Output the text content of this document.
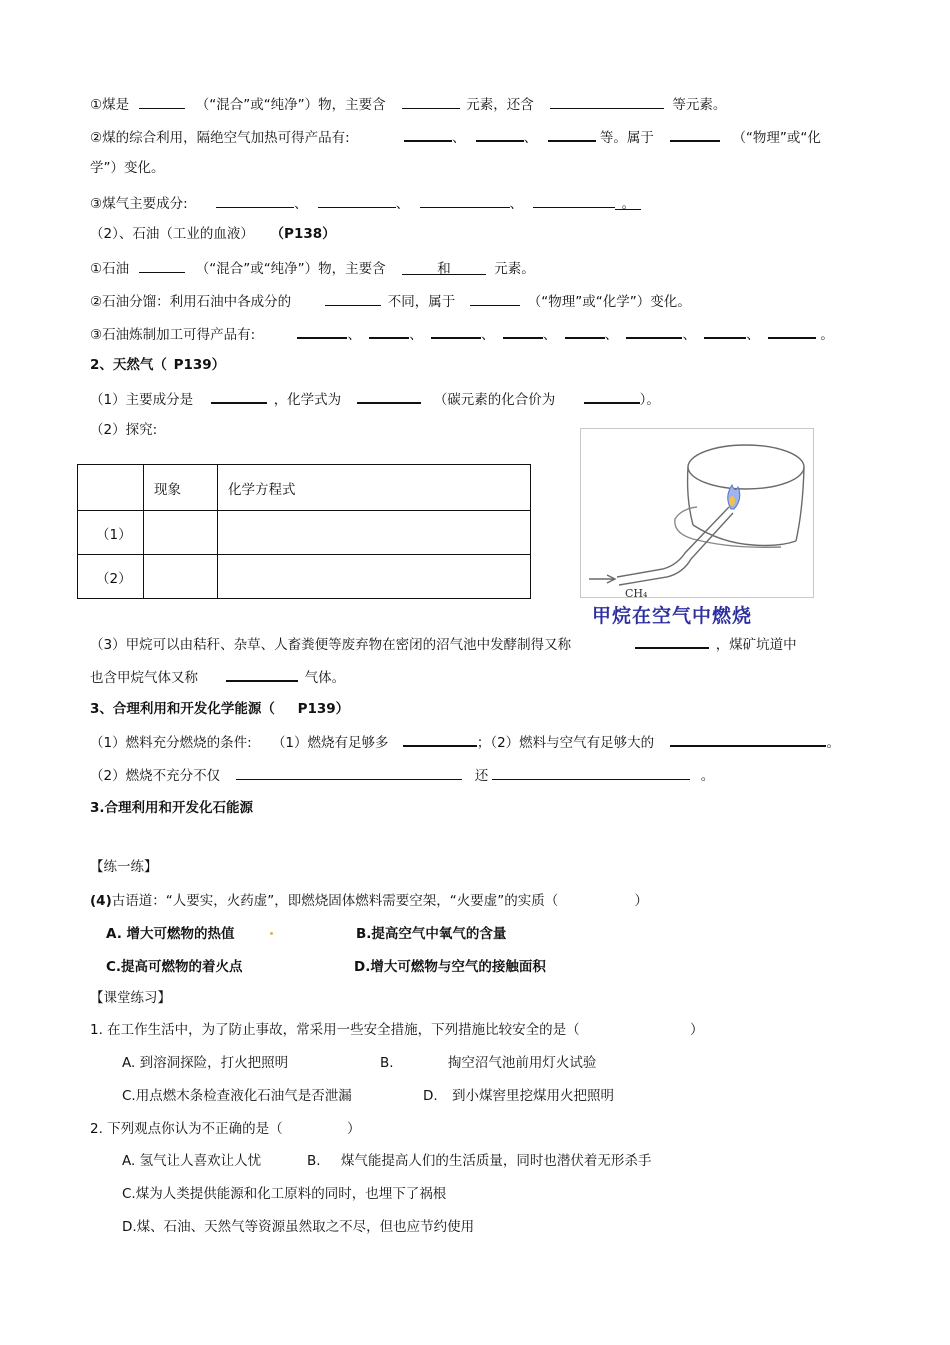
①煤是	（“混合”或“纯净”）物，主要含	元素，还含	等元素。
②煤的综合利用，隔绝空气加热可得产品有:	、	、	等。属于	（“物理”或“化
学”）变化。
③煤气主要成分:	、	、	、	。
（2）、石油（工业的血液） （P138）
①石油	（“混合”或“纯净”）物，主要含	和	元素。
②石油分馏：利用石油中各成分的	不同，属于	（“物理”或“化学”）变化。
③石油炼制加工可得产品有:	、	、	、	、	、	、	、	。
2、天然气（ P139）
（1）主要成分是	，化学式为	（碳元素的化合价为	）。
（2）探究:
	现象	化学方程式
（1）		
（2）		
CH₄
甲烷在空气中燃烧
（3）甲烷可以由秸秆、杂草、人畜粪便等废弃物在密闭的沼气池中发酵制得又称	，煤矿坑道中
也含甲烷气体又称	气体。
3、合理利用和开发化学能源（ P139）
（1）燃料充分燃烧的条件: （1）燃烧有足够多	；（2）燃料与空气有足够大的	。
（2）燃烧不充分不仅	还	。
3.合理利用和开发化石能源
【练一练】
(4)古语道：“人要实，火药虚”，即燃烧固体燃料需要空架，“火要虚”的实质（	）
A. 增大可燃物的热值	B.提高空气中氧气的含量
C.提高可燃物的着火点	D.增大可燃物与空气的接触面积
【课堂练习】
1. 在工作生活中，为了防止事故，常采用一些安全措施，下列措施比较安全的是（	）
A. 到溶洞探险，打火把照明	B.	掏空沼气池前用灯火试验
C.用点燃木条检查液化石油气是否泄漏	D. 到小煤窖里挖煤用火把照明
2. 下列观点你认为不正确的是（	）
A. 氢气让人喜欢让人忧	B. 煤气能提高人们的生活质量，同时也潜伏着无形杀手
C.煤为人类提供能源和化工原料的同时，也埋下了祸根
D.煤、石油、天然气等资源虽然取之不尽，但也应节约使用
